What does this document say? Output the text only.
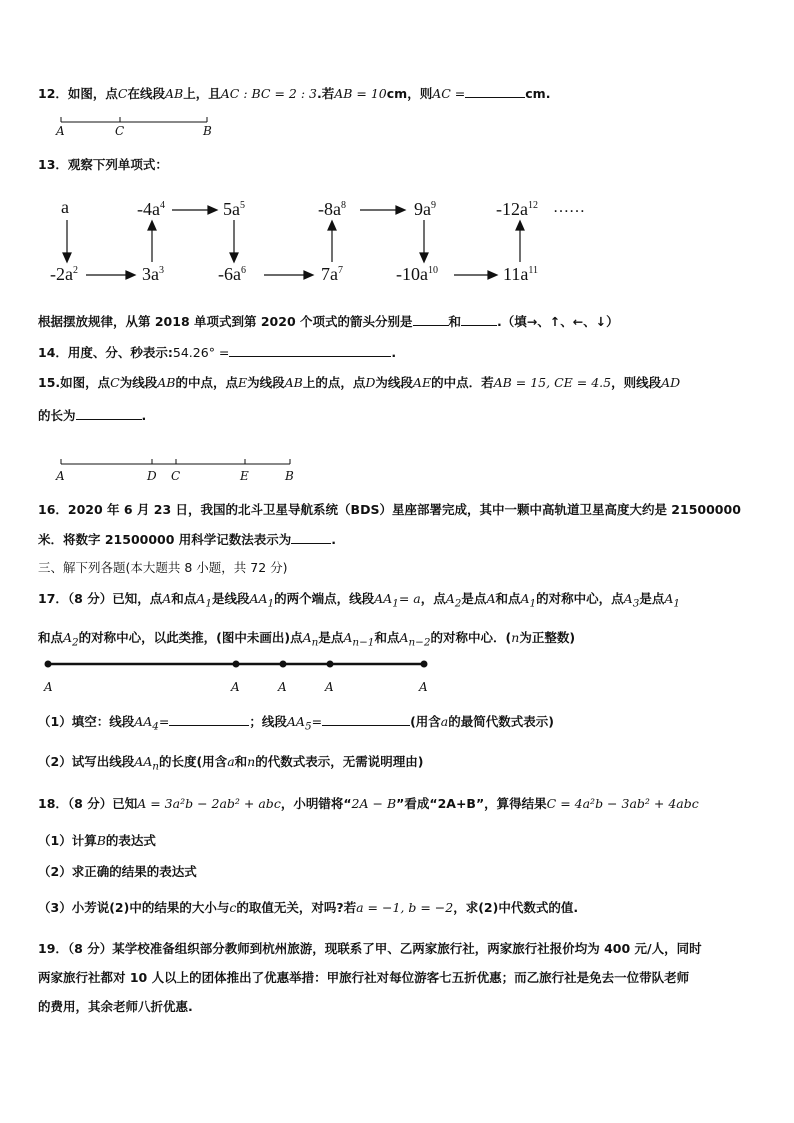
12．如图，点C在线段AB上，且AC : BC = 2 : 3.若AB = 10cm，则AC =	cm.
A	C	B
13．观察下列单项式：
a	$-4a^4$	$5a^5$	$-8a^8$	$9a^9$	$-12a^{12}$ ……
$-2a^2$	$3a^3$	$-6a^6$	$7a^7$	$-10a^{10}$	$11a^{11}$
根据摆放规律，从第 2018 单项式到第 2020 个项式的箭头分别是	和	.（填→、↑、←、↓）
14．用度、分、秒表示:54.26° =	.
15.如图，点C为线段AB的中点，点E为线段AB上的点，点D为线段AE的中点．若AB = 15, CE = 4.5，则线段AD
的长为	.
A	D C	E	B
16．2020 年 6 月 23 日，我国的北斗卫星导航系统（BDS）星座部署完成，其中一颗中高轨道卫星高度大约是 21500000
米．将数字 21500000 用科学记数法表示为	.
三、解下列各题(本大题共 8 小题，共 72 分)
17．（8 分）已知，点A和点$A_1$是线段$AA_1$的两个端点，线段$AA_1= a$，点$A_2$是点A和点$A_1$的对称中心，点$A_3$是点$A_1$
和点$A_2$的对称中心，以此类推，(图中未画出)点$A_n$是点$A_{n-1}$和点$A_{n-2}$的对称中心．(n为正整数)
A	A	A	A	A
（1）填空：线段$AA_4=$	；线段$AA_5=$	(用含a的最简代数式表示)
（2）试写出线段$AA_n$的长度(用含a和n的代数式表示，无需说明理由)
18．（8 分）已知A = 3a²b − 2ab² + abc，小明错将“2A − B”看成“2A+B”，算得结果C = 4a²b − 3ab² + 4abc
（1）计算B的表达式
（2）求正确的结果的表达式
（3）小芳说(2)中的结果的大小与c的取值无关，对吗?若a = −1, b = −2，求(2)中代数式的值.
19．（8 分）某学校准备组织部分教师到杭州旅游，现联系了甲、乙两家旅行社，两家旅行社报价均为 400 元/人，同时
两家旅行社都对 10 人以上的团体推出了优惠举措：甲旅行社对每位游客七五折优惠；而乙旅行社是免去一位带队老师
的费用，其余老师八折优惠.
